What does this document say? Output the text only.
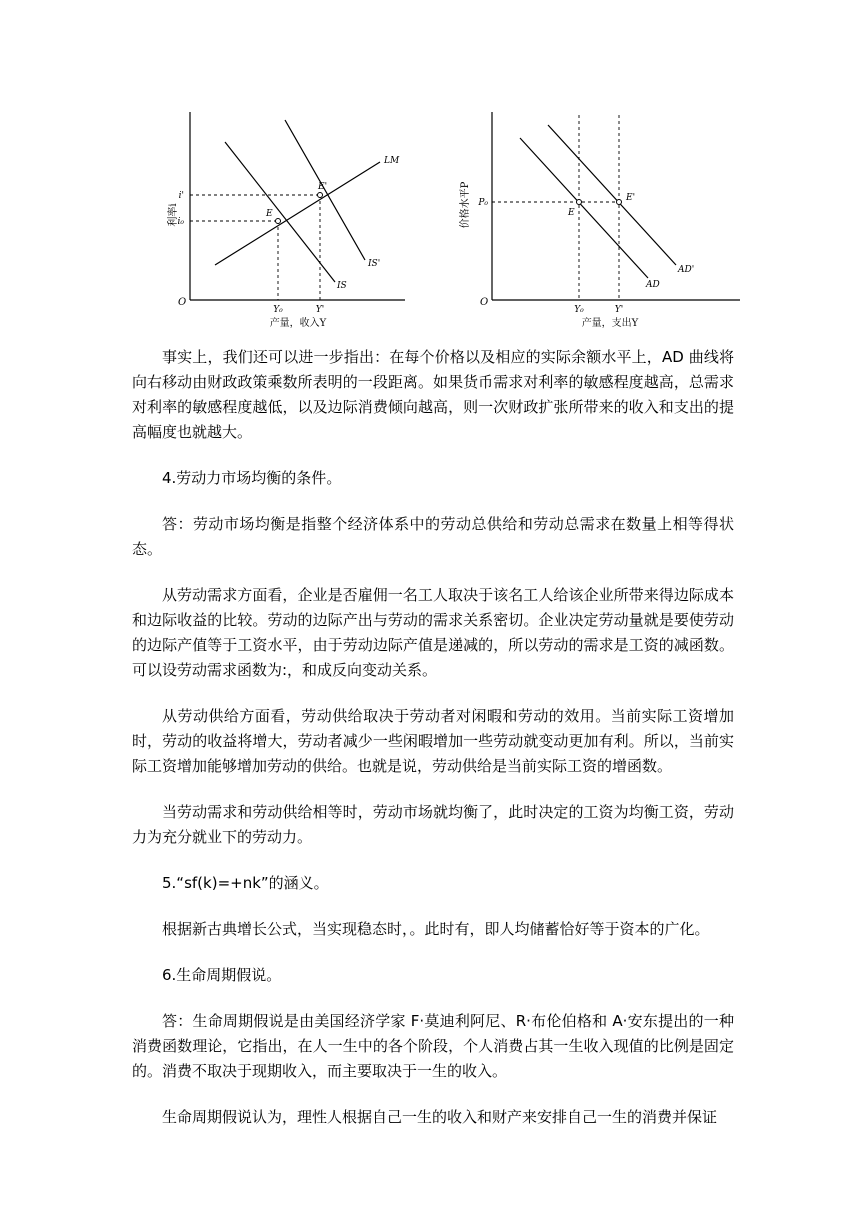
利率i
O
i'
i₀
Y₀	Y'
产量，收入Y
LM
IS
IS'
E
E'	价格水平P
O
P₀
Y₀	Y'
产量，支出Y
AD
AD'
E
E'

事实上，我们还可以进一步指出：在每个价格以及相应的实际余额水平上，AD 曲线将向右移动由财政政策乘数所表明的一段距离。如果货币需求对利率的敏感程度越高，总需求对利率的敏感程度越低，以及边际消费倾向越高，则一次财政扩张所带来的收入和支出的提高幅度也就越大。

4.劳动力市场均衡的条件。

答：劳动市场均衡是指整个经济体系中的劳动总供给和劳动总需求在数量上相等得状态。

从劳动需求方面看，企业是否雇佣一名工人取决于该名工人给该企业所带来得边际成本和边际收益的比较。劳动的边际产出与劳动的需求关系密切。企业决定劳动量就是要使劳动的边际产值等于工资水平，由于劳动边际产值是递减的，所以劳动的需求是工资的减函数。可以设劳动需求函数为:，和成反向变动关系。

从劳动供给方面看，劳动供给取决于劳动者对闲暇和劳动的效用。当前实际工资增加时，劳动的收益将增大，劳动者减少一些闲暇增加一些劳动就变动更加有利。所以，当前实际工资增加能够增加劳动的供给。也就是说，劳动供给是当前实际工资的增函数。

当劳动需求和劳动供给相等时，劳动市场就均衡了，此时决定的工资为均衡工资，劳动力为充分就业下的劳动力。

5.“sf(k)=+nk”的涵义。

根据新古典增长公式，当实现稳态时，。此时有，即人均储蓄恰好等于资本的广化。

6.生命周期假说。

答：生命周期假说是由美国经济学家 F·莫迪利阿尼、R·布伦伯格和 A·安东提出的一种消费函数理论，它指出，在人一生中的各个阶段，个人消费占其一生收入现值的比例是固定的。消费不取决于现期收入，而主要取决于一生的收入。

生命周期假说认为，理性人根据自己一生的收入和财产来安排自己一生的消费并保证
